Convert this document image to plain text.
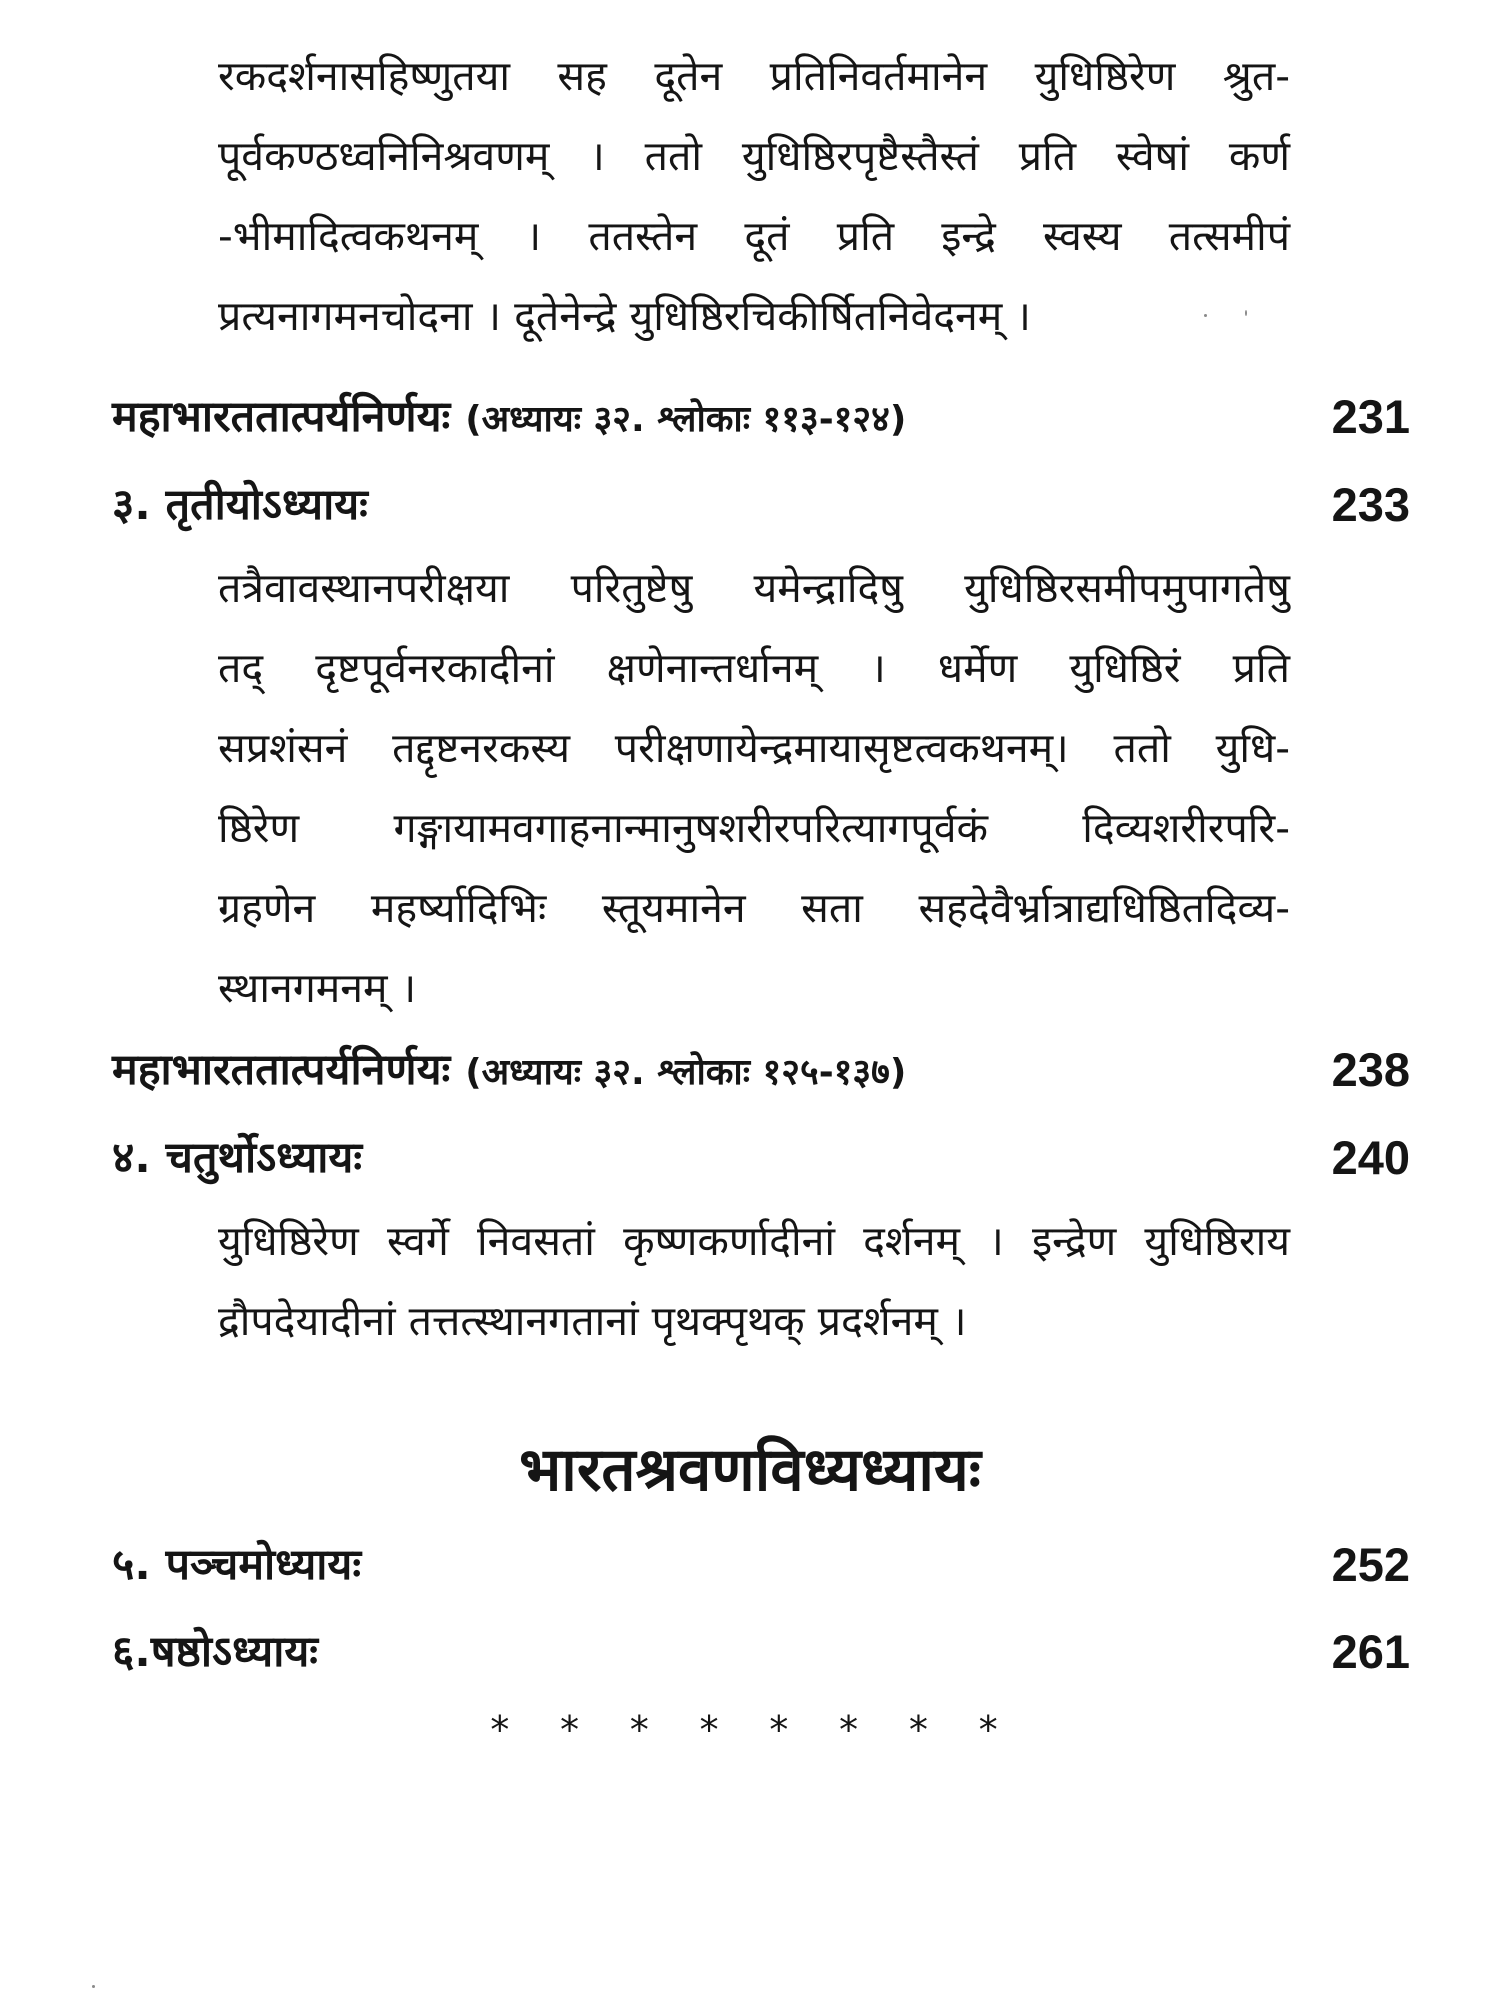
रकदर्शनासहिष्णुतया सह दूतेन प्रतिनिवर्तमानेन युधिष्ठिरेण श्रुत-
पूर्वकण्ठध्वनिनिश्रवणम् । ततो युधिष्ठिरपृष्टैस्तैस्तं प्रति स्वेषां कर्ण
-भीमादित्वकथनम् । ततस्तेन दूतं प्रति इन्द्रे स्वस्य तत्समीपं
प्रत्यनागमनचोदना । दूतेनेन्द्रे युधिष्ठिरचिकीर्षितनिवेदनम् ।
महाभारततात्पर्यनिर्णयः (अध्यायः ३२. श्लोकाः ११३-१२४)	231
३. तृतीयोऽध्यायः	233
तत्रैवावस्थानपरीक्षया परितुष्टेषु यमेन्द्रादिषु युधिष्ठिरसमीपमुपागतेषु
तद् दृष्टपूर्वनरकादीनां क्षणेनान्तर्धानम् । धर्मेण युधिष्ठिरं प्रति
सप्रशंसनं तद्दृष्टनरकस्य परीक्षणायेन्द्रमायासृष्टत्वकथनम्। ततो युधि-
ष्ठिरेण गङ्गायामवगाहनान्मानुषशरीरपरित्यागपूर्वकं दिव्यशरीरपरि-
ग्रहणेन महर्ष्यादिभिः स्तूयमानेन सता सहदेवैर्भ्रात्राद्यधिष्ठितदिव्य-
स्थानगमनम् ।
महाभारततात्पर्यनिर्णयः (अध्यायः ३२. श्लोकाः १२५-१३७)	238
४. चतुर्थोऽध्यायः	240
युधिष्ठिरेण स्वर्गे निवसतां कृष्णकर्णादीनां दर्शनम् । इन्द्रेण युधिष्ठिराय
द्रौपदेयादीनां तत्तत्स्थानगतानां पृथक्पृथक् प्रदर्शनम् ।
भारतश्रवणविध्यध्यायः
५. पञ्चमोध्यायः	252
६.षष्ठोऽध्यायः	261
* * * * * * * *
